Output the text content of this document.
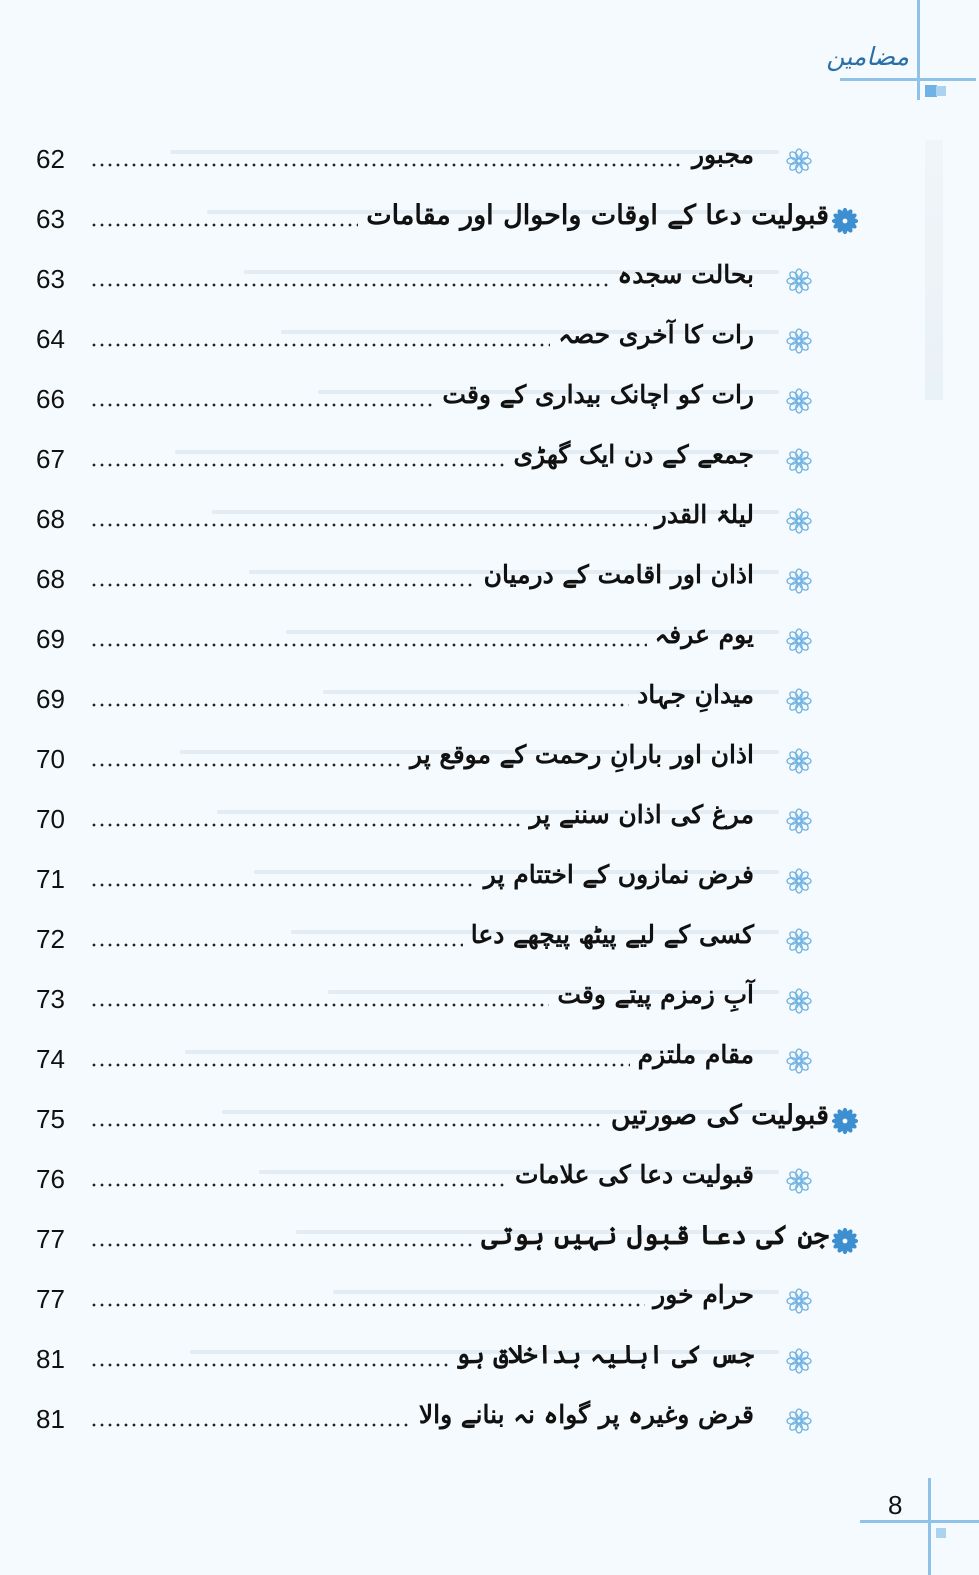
مضامین
62	مجبور
63	قبولیت دعا کے اوقات واحوال اور مقامات
63	بحالت سجدہ
64	رات کا آخری حصہ
66	رات کو اچانک بیداری کے وقت
67	جمعے کے دن ایک گھڑی
68	لیلۃ القدر
68	اذان اور اقامت کے درمیان
69	یوم عرفہ
69	میدانِ جہاد
70	اذان اور بارانِ رحمت کے موقع پر
70	مرغ کی اذان سننے پر
71	فرض نمازوں کے اختتام پر
72	کسی کے لیے پیٹھ پیچھے دعا
73	آبِ زمزم پیتے وقت
74	مقام ملتزم
75	قبولیت کی صورتیں
76	قبولیت دعا کی علامات
77	جن کی دعا قبول نہیں ہوتی
77	حرام خور
81	جس کی اہلیہ بداخلاق ہو
81	قرض وغیرہ پر گواہ نہ بنانے والا
8
